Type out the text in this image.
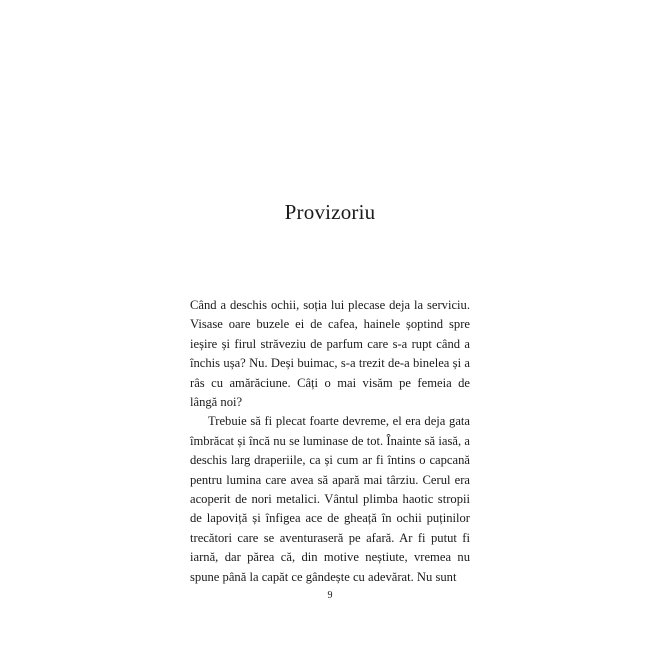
Provizoriu

Când a deschis ochii, soția lui plecase deja la serviciu. Visase oare buzele ei de cafea, hainele șoptind spre ieșire și firul străveziu de parfum care s-a rupt când a închis ușa? Nu. Deși buimac, s-a trezit de-a binelea și a râs cu amărăciune. Câți o mai visăm pe femeia de lângă noi?

Trebuie să fi plecat foarte devreme, el era deja gata îmbrăcat și încă nu se luminase de tot. Înainte să iasă, a deschis larg draperiile, ca și cum ar fi întins o capcană pentru lumina care avea să apară mai târziu. Cerul era acoperit de nori metalici. Vântul plimba haotic stropii de lapoviță și înfigea ace de gheață în ochii puținilor trecători care se aventuraseră pe afară. Ar fi putut fi iarnă, dar părea că, din motive neștiute, vremea nu spune până la capăt ce gândește cu adevărat. Nu sunt

9
